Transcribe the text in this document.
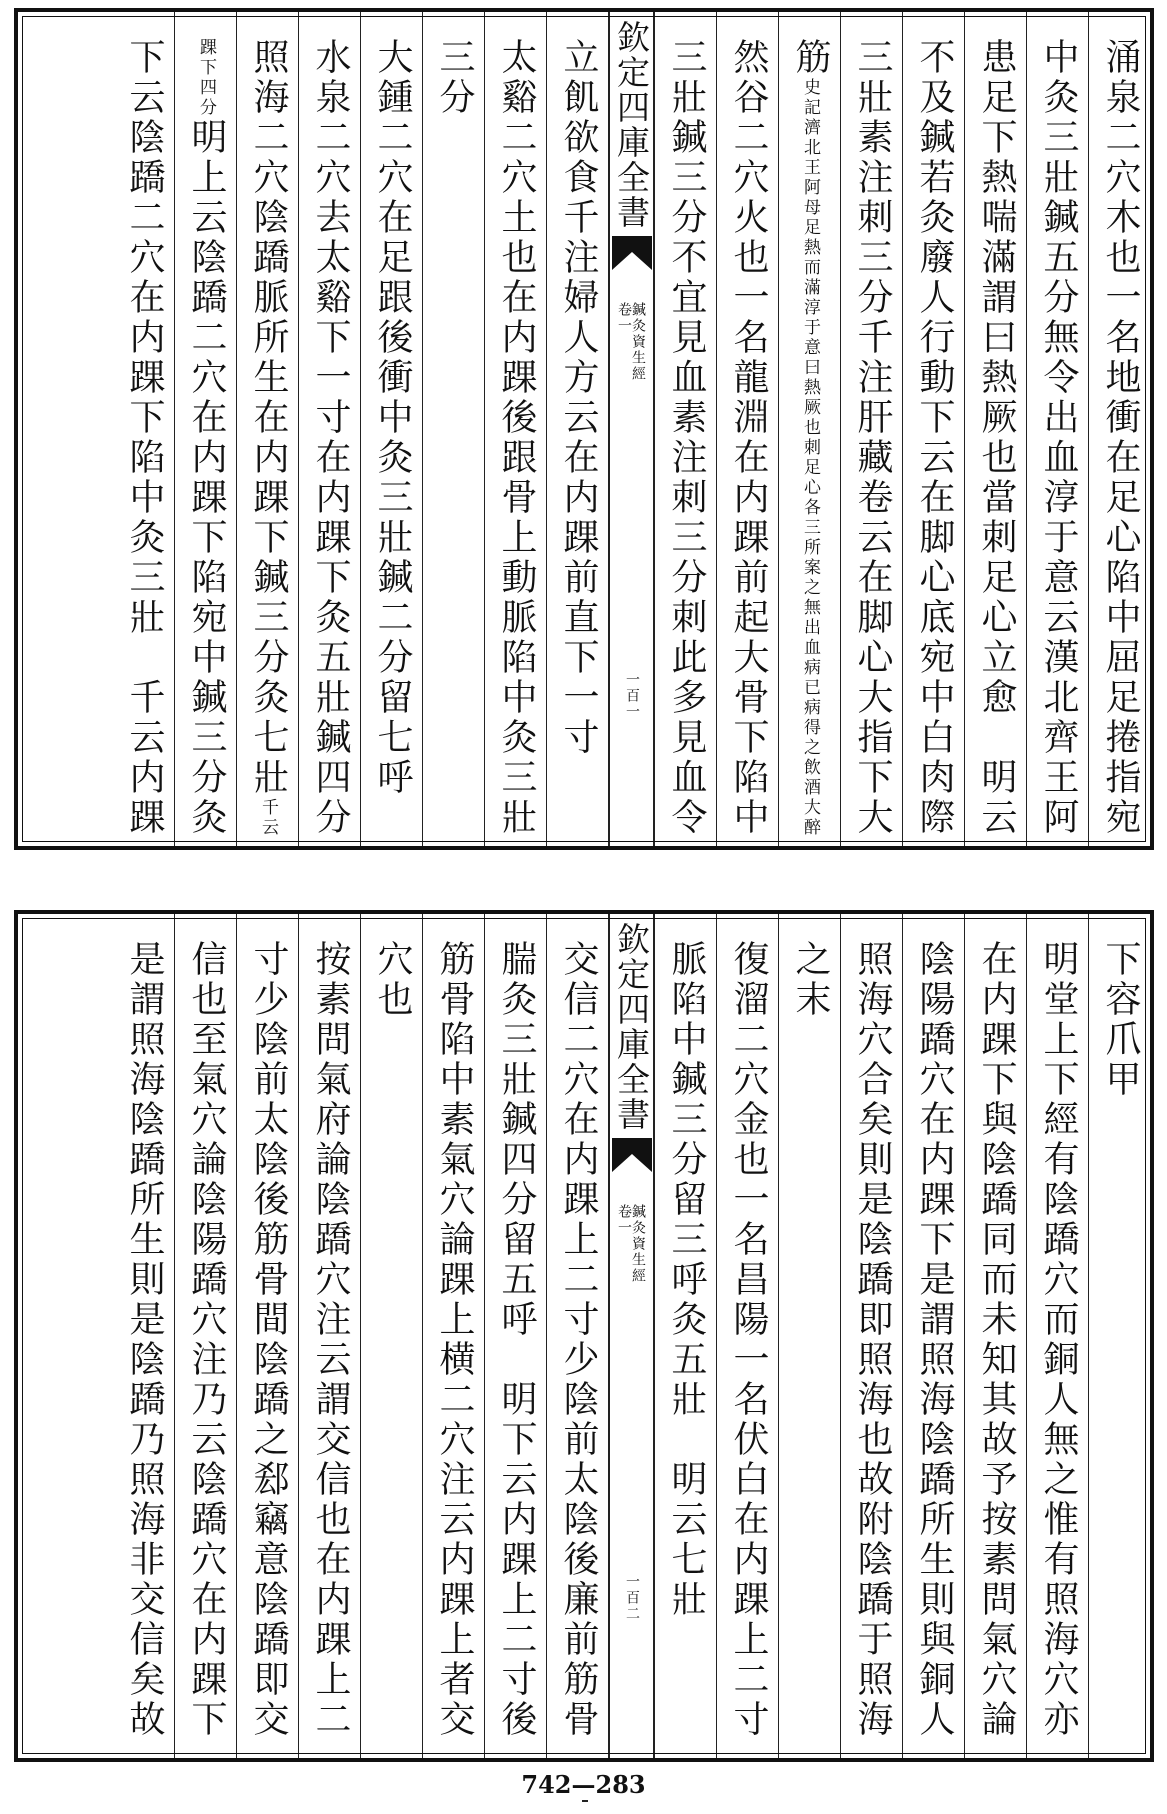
涌泉二穴木也一名地衝在足心陷中屈足捲指宛
中灸三壯鍼五分無令出血淳于意云漢北齊王阿
患足下熱喘滿謂曰熱厥也當刺足心立愈　明云
不及鍼若灸廢人行動下云在脚心底宛中白肉際
三壯素注刺三分千注肝藏卷云在脚心大指下大
筋史記濟北王阿母足熱而滿淳于意曰熱厥也刺足心各三所案之無出血病已病得之飲酒大醉
然谷二穴火也一名龍淵在内踝前起大骨下陷中
三壯鍼三分不宜見血素注刺三分刺此多見血令
欽定四庫全書
鍼灸資生經
卷一
一百一
立飢欲食千注婦人方云在内踝前直下一寸
太谿二穴土也在内踝後跟骨上動脈陷中灸三壯
三分
大鍾二穴在足跟後衝中灸三壯鍼二分留七呼
水泉二穴去太谿下一寸在内踝下灸五壯鍼四分
照海二穴陰蹻脈所生在内踝下鍼三分灸七壯千云
踝下四分明上云陰蹻二穴在内踝下陷宛中鍼三分灸
下云陰蹻二穴在内踝下陷中灸三壯　千云内踝
下容爪甲
明堂上下經有陰蹻穴而銅人無之惟有照海穴亦
在内踝下與陰蹻同而未知其故予按素問氣穴論
陰陽蹻穴在内踝下是謂照海陰蹻所生則與銅人
照海穴合矣則是陰蹻即照海也故附陰蹻于照海
之末
復溜二穴金也一名昌陽一名伏白在内踝上二寸
脈陷中鍼三分留三呼灸五壯　明云七壯
欽定四庫全書
鍼灸資生經
卷一
一百二
交信二穴在内踝上二寸少陰前太陰後廉前筋骨
腨灸三壯鍼四分留五呼　明下云内踝上二寸後
筋骨陷中素氣穴論踝上横二穴注云内踝上者交
穴也
按素問氣府論陰蹻穴注云謂交信也在内踝上二
寸少陰前太陰後筋骨間陰蹻之郄竊意陰蹻即交
信也至氣穴論陰陽蹻穴注乃云陰蹻穴在内踝下
是謂照海陰蹻所生則是陰蹻乃照海非交信矣故
742—283
